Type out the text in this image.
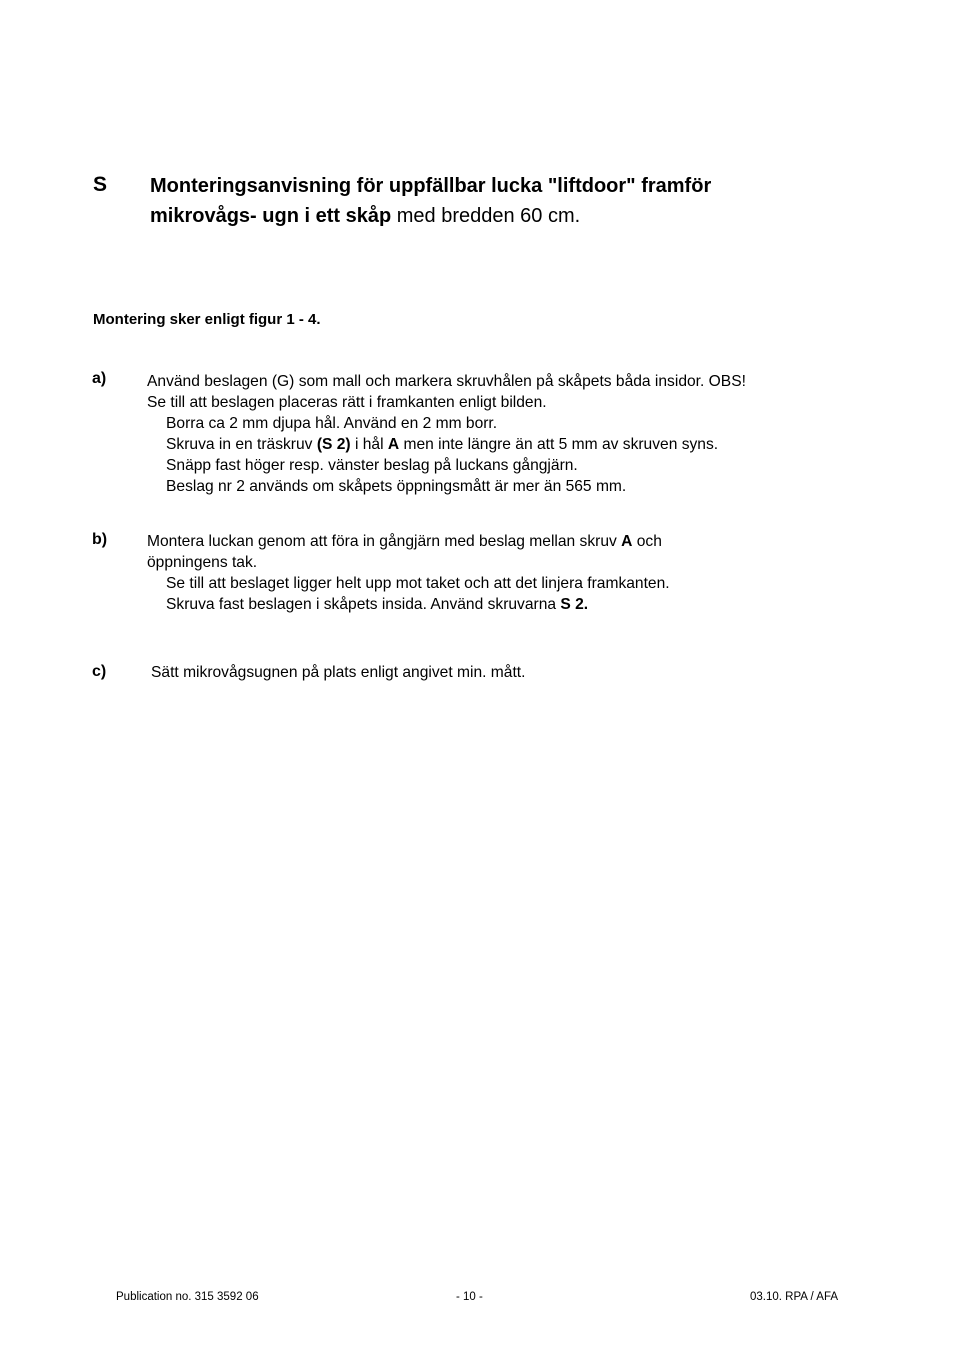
S Monteringsanvisning för uppfällbar lucka "liftdoor" framför
mikrovågs- ugn i ett skåp med bredden 60 cm.
Montering sker enligt figur 1 - 4.
a)	Använd beslagen (G) som mall och markera skruvhålen på skåpets båda insidor. OBS!
Se till att beslagen placeras rätt i framkanten enligt bilden.
Borra ca 2 mm djupa hål. Använd en 2 mm borr.
Skruva in en träskruv (S 2) i hål A men inte längre än att 5 mm av skruven syns.
Snäpp fast höger resp. vänster beslag på luckans gångjärn.
Beslag nr 2 används om skåpets öppningsmått är mer än 565 mm.
b)	Montera luckan genom att föra in gångjärn med beslag mellan skruv A och
öppningens tak.
Se till att beslaget ligger helt upp mot taket och att det linjera framkanten.
Skruva fast beslagen i skåpets insida. Använd skruvarna S 2.
c)	Sätt mikrovågsugnen på plats enligt angivet min. mått.
Publication no. 315 3592 06	- 10 -	03.10. RPA / AFA
